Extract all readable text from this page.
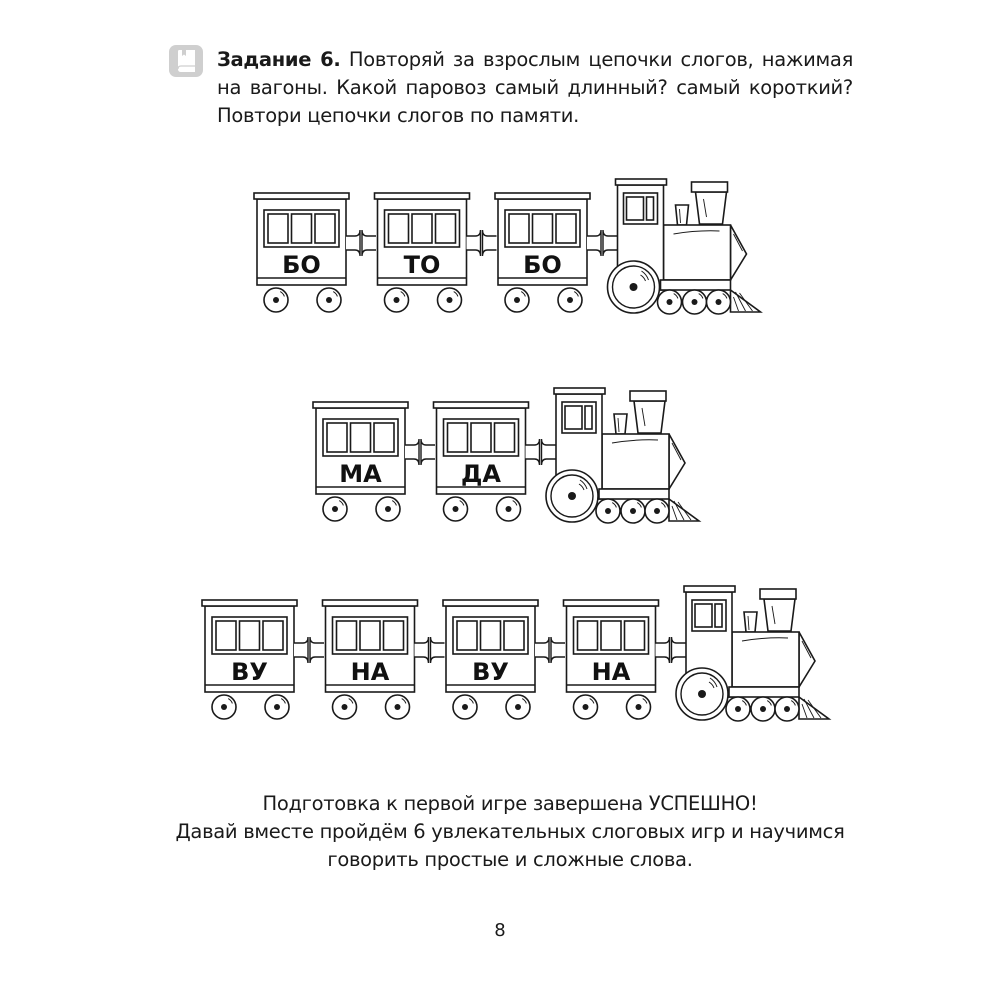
Задание 6. Повторяй за взрослым цепочки слогов, нажимая на вагоны. Какой паровоз самый длинный? самый короткий? Повтори цепочки слогов по памяти.
БО	ТО	БО
МА	ДА
ВУ	НА	ВУ	НА
Подготовка к первой игре завершена УСПЕШНО!
Давай вместе пройдём 6 увлекательных слоговых игр и научимся
говорить простые и сложные слова.
8
